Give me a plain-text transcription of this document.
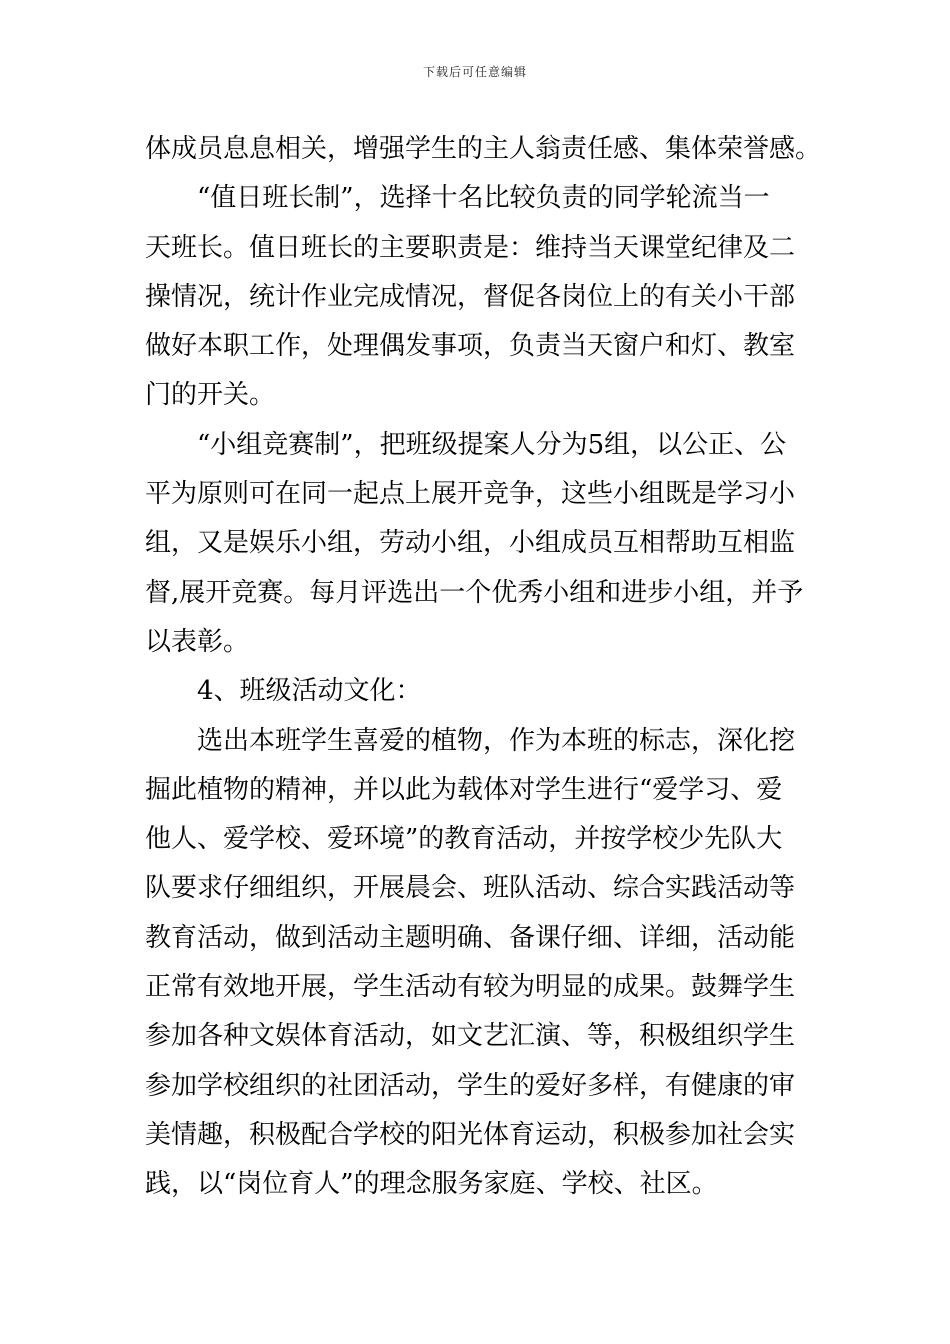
下载后可任意编辑
体成员息息相关，增强学生的主人翁责任感、集体荣誉感。
“值日班长制”，选择十名比较负责的同学轮流当一
天班长。值日班长的主要职责是：维持当天课堂纪律及二
操情况，统计作业完成情况，督促各岗位上的有关小干部
做好本职工作，处理偶发事项，负责当天窗户和灯、教室
门的开关。
“小组竞赛制”，把班级提案人分为5组，以公正、公
平为原则可在同一起点上展开竞争，这些小组既是学习小
组，又是娱乐小组，劳动小组，小组成员互相帮助互相监
督,展开竞赛。每月评选出一个优秀小组和进步小组，并予
以表彰。
4、班级活动文化：
选出本班学生喜爱的植物，作为本班的标志，深化挖
掘此植物的精神，并以此为载体对学生进行“爱学习、爱
他人、爱学校、爱环境”的教育活动，并按学校少先队大
队要求仔细组织，开展晨会、班队活动、综合实践活动等
教育活动，做到活动主题明确、备课仔细、详细，活动能
正常有效地开展，学生活动有较为明显的成果。鼓舞学生
参加各种文娱体育活动，如文艺汇演、等，积极组织学生
参加学校组织的社团活动，学生的爱好多样，有健康的审
美情趣，积极配合学校的阳光体育运动，积极参加社会实
践，以“岗位育人”的理念服务家庭、学校、社区。
